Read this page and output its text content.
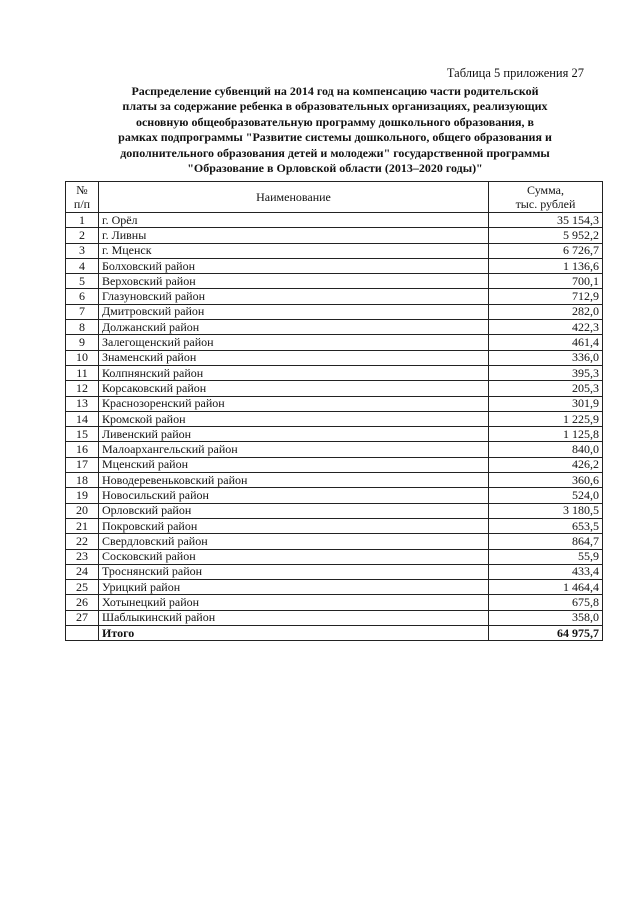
Таблица 5 приложения 27
Распределение субвенций на 2014 год на компенсацию части родительской
платы за содержание ребенка в образовательных организациях, реализующих
основную общеобразовательную программу дошкольного образования, в
рамках подпрограммы "Развитие системы дошкольного, общего образования и
дополнительного образования детей и молодежи" государственной программы
"Образование в Орловской области (2013–2020 годы)"
№
п/п	Наименование	Сумма,
тыс. рублей
1	г. Орёл	35 154,3
2	г. Ливны	5 952,2
3	г. Мценск	6 726,7
4	Болховский район	1 136,6
5	Верховский район	700,1
6	Глазуновский район	712,9
7	Дмитровский район	282,0
8	Должанский район	422,3
9	Залегощенский район	461,4
10	Знаменский район	336,0
11	Колпнянский район	395,3
12	Корсаковский район	205,3
13	Краснозоренский район	301,9
14	Кромской район	1 225,9
15	Ливенский район	1 125,8
16	Малоархангельский район	840,0
17	Мценский район	426,2
18	Новодеревеньковский район	360,6
19	Новосильский район	524,0
20	Орловский район	3 180,5
21	Покровский район	653,5
22	Свердловский район	864,7
23	Сосковский район	55,9
24	Троснянский район	433,4
25	Урицкий район	1 464,4
26	Хотынецкий район	675,8
27	Шаблыкинский район	358,0
	Итого	64 975,7
